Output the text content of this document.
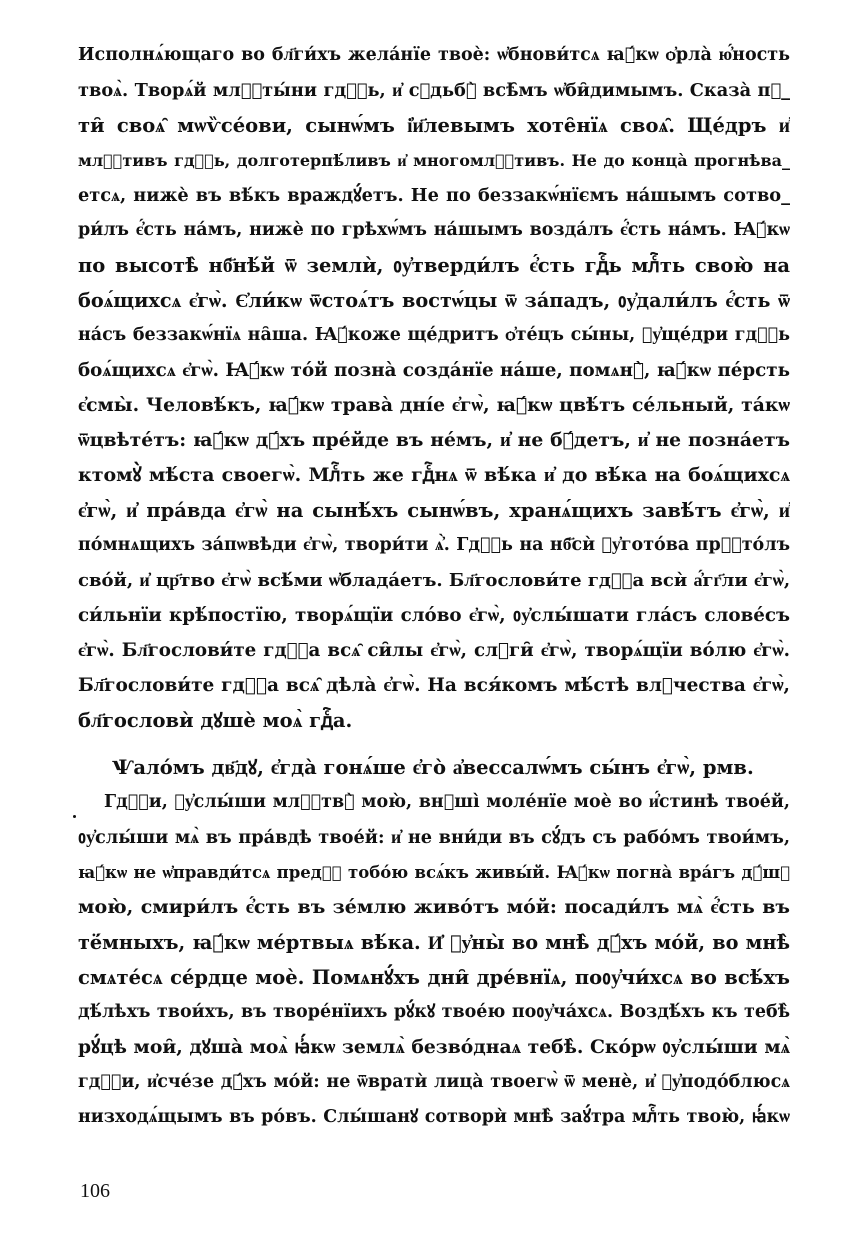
Исполнѧ́ющаго во бл҃ги́хъ жела́нїе твоѐ: ѡ҆бнови́тсѧ ꙗ҆́кѡ ѻ҆рла̀ ю҆́ность
твоѧ̀. Творѧ́й млⷭ҇ты́ни гдⷭ҇ь, и҆ сꙋдьбꙋ̀ всѣ̑мъ ѡ҆би̑димымъ. Сказа̀ пꙋ_
ти̑ своѧ̑ мѡѷсе́ови, сынѡ́мъ і҆и҃левымъ хоте̑нїѧ своѧ̑. Ще́дръ и҆
млⷭ҇тивъ гдⷭ҇ь, долготерпѣ́ливъ и҆ многомлⷭ҇тивъ. Не до конца̀ прогнѣва_
етсѧ, нижѐ въ вѣ́къ враждꙋ́етъ. Не по беззакѡ́нїємъ на́шымъ сотво_
ри́лъ є҆́сть на́мъ, нижѐ по грѣхѡ́мъ на́шымъ возда́лъ є҆́сть на́мъ. Ꙗ҆́кѡ
по высотѣ̀ нб҃нѣ́й ѿ землѝ, ᲂу҆тверди́лъ є҆́сть гдⷭ҇ь млⷭ҇ть свою̀ на
боѧ́щихсѧ є҆гѡ̀. Є҆ли́кѡ ѿстоѧ́тъ востѡ́цы ѿ за́падъ, ᲂу҆дали́лъ є҆́сть ѿ
на́съ беззакѡ́нїѧ на̑ша. Ꙗ҆́коже ще́дритъ ѻ҆те́цъ сы́ны, ᲂу҆ще́дри гдⷭ҇ь
боѧ́щихсѧ є҆гѡ̀. Ꙗ҆́кѡ то́й позна̀ созда́нїе на́ше, помѧнꙋ̀, ꙗ҆́кѡ пе́рсть
є҆смы̀. Человѣ́къ, ꙗ҆́кѡ трава̀ дні́е є҆гѡ̀, ꙗ҆́кѡ цвѣ́тъ се́льный, та́кѡ
ѿцвѣте́тъ: ꙗ҆́кѡ дꙋ́хъ пре́йде въ не́мъ, и҆ не бꙋ́детъ, и҆ не позна́етъ
ктомꙋ̀ мѣ́ста своегѡ̀. Млⷭ҇ть же гдⷭ҇нѧ ѿ вѣ́ка и҆ до вѣ́ка на боѧ́щихсѧ
є҆гѡ̀, и҆ пра́вда є҆гѡ̀ на сынѣ́хъ сынѡ́въ, хранѧ́щихъ завѣ́тъ є҆гѡ̀, и҆
по́мнѧщихъ за́пѡвѣди є҆гѡ̀, твори́ти ѧ҆̀. Гдⷭ҇ь на нб҃сѝ ᲂу҆гото́ва прⷭ҇то́лъ
сво́й, и҆ цр҃тво є҆гѡ̀ всѣ́ми ѡ҆блада́етъ. Бл҃гослови́те гдⷭ҇а всѝ а҆́гг҃ли є҆гѡ̀,
си́льнїи крѣ́постїю, творѧ́щїи сло́во є҆гѡ̀, ᲂу҆слы́шати гла́съ слове́съ
є҆гѡ̀. Бл҃гослови́те гдⷭ҇а всѧ̑ си̑лы є҆гѡ̀, слꙋги̑ є҆гѡ̀, творѧ́щїи во́лю є҆гѡ̀.
Бл҃гослови́те гдⷭ҇а всѧ̑ дѣла̀ є҆гѡ̀. На вся́комъ мѣ́стѣ влⷣчества є҆гѡ̀,
бл҃гословѝ дꙋшѐ моѧ̀ гдⷭ҇а.
Ѱало́мъ дв҃дꙋ, є҆гда̀ гонѧ́ше є҆го̀ а҆вессалѡ́мъ сы́нъ є҆гѡ̀, рмв.
Гдⷭ҇и, ᲂу҆слы́ши млⷭ҇твꙋ̀ мою̀, внꙋші̀ моле́нїе моѐ во и҆́стинѣ твое́й,
ᲂу҆слы́ши мѧ̀ въ пра́вдѣ твое́й: и҆ не вни́ди въ сꙋ́дъ съ рабо́мъ твои́мъ,
ꙗ҆́кѡ не ѡ҆правди́тсѧ предⷨ҇ тобо́ю всѧ́къ живы́й. Ꙗ҆́кѡ погна̀ вра́гъ дꙋ́шꙋ
мою̀, смири́лъ є҆́сть въ зе́млю живо́тъ мо́й: посади́лъ мѧ̀ є҆́сть въ
тё́мныхъ, ꙗ҆́кѡ ме́ртвыѧ вѣ́ка. И҆ ᲂу҆ны̀ во мнѣ̀ дꙋ́хъ мо́й, во мнѣ̀
смѧте́сѧ се́рдце моѐ. Помѧнꙋ́хъ дни̑ дре́внїѧ, поᲂу҆чи́хсѧ во всѣ́хъ
дѣ́лѣхъ твои́хъ, въ творе́нїихъ рꙋ́кꙋ твое́ю поᲂу҆ча́хсѧ. Воздѣ́хъ къ тебѣ̀
рꙋ́цѣ мои̑, дꙋша̀ моѧ̀ ꙗ҆́кѡ землѧ̀ безво́днаѧ тебѣ̀. Ско́рѡ ᲂу҆слы́ши мѧ̀
гдⷭ҇и, и҆сче́зе дꙋ́хъ мо́й: не ѿвратѝ лица̀ твоегѡ̀ ѿ менѐ, и҆ ᲂу҆подо́блюсѧ
низходѧ́щымъ въ ро́въ. Слы́шанꙋ сотворѝ мнѣ̀ заꙋ́тра млⷭ҇ть твою̀, ꙗ҆́кѡ
106
